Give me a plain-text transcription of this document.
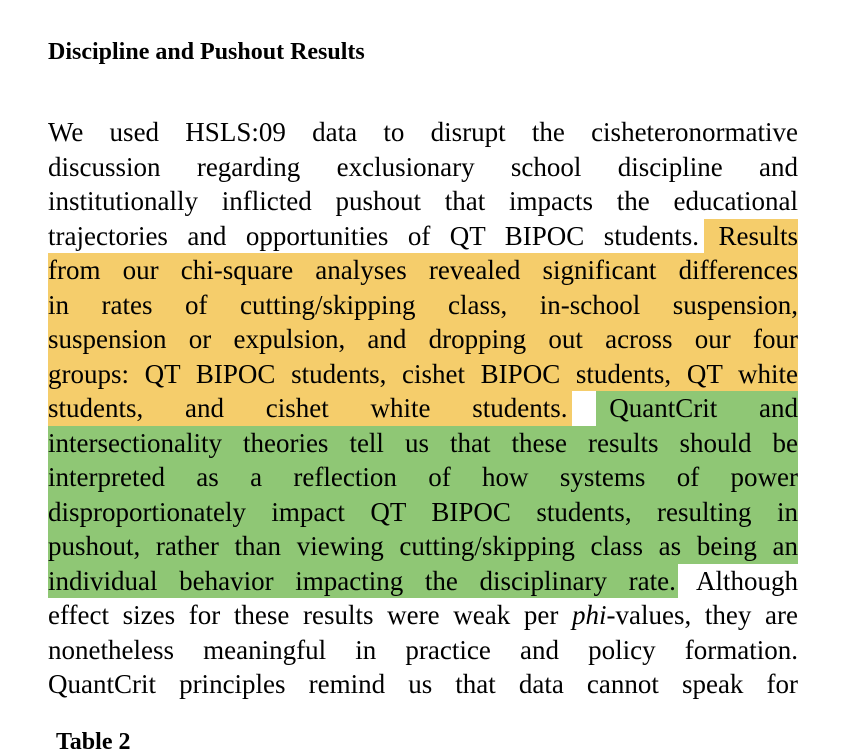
Discipline and Pushout Results
We used HSLS:09 data to disrupt the cisheteronormative
discussion regarding exclusionary school discipline and
institutionally inflicted pushout that impacts the educational
trajectories and opportunities of QT BIPOC students. Results
from our chi-square analyses revealed significant differences
in rates of cutting/skipping class, in-school suspension,
suspension or expulsion, and dropping out across our four
groups: QT BIPOC students, cishet BIPOC students, QT white
students, and cishet white students. QuantCrit and
intersectionality theories tell us that these results should be
interpreted as a reflection of how systems of power
disproportionately impact QT BIPOC students, resulting in
pushout, rather than viewing cutting/skipping class as being an
individual behavior impacting the disciplinary rate. Although
effect sizes for these results were weak per phi-values, they are
nonetheless meaningful in practice and policy formation.
QuantCrit principles remind us that data cannot speak for
Table 2
